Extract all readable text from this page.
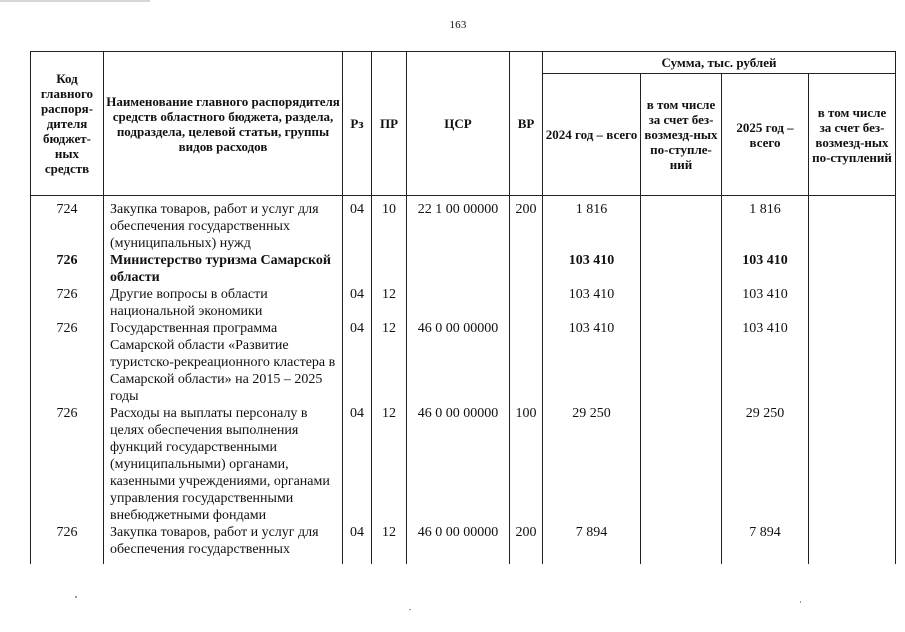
163
Код главного распоря-дителя бюджет-ных средств	Наименование главного распорядителя средств областного бюджета, раздела, подраздела, целевой статьи, группы видов расходов	Рз	ПР	ЦСР	ВР	Сумма, тыс. рублей			
						2024 год – всего	в том числе за счет без-возмезд-ных по-ступле-ний	2025 год – всего	в том числе за счет без-возмезд-ных по-ступлений
724	Закупка товаров, работ и услуг для обеспечения государственных (муниципальных) нужд	04	10	22 1 00 00000	200	1 816		1 816	
726	Министерство туризма Самарской области					103 410		103 410	
726	Другие вопросы в области национальной экономики	04	12			103 410		103 410	
726	Государственная программа Самарской области «Развитие туристско-рекреационного кластера в Самарской области» на 2015 – 2025 годы	04	12	46 0 00 00000		103 410		103 410	
726	Расходы на выплаты персоналу в целях обеспечения выполнения функций государственными (муниципальными) органами, казенными учреждениями, органами управления государственными внебюджетными фондами	04	12	46 0 00 00000	100	29 250		29 250	
726	Закупка товаров, работ и услуг для обеспечения государственных	04	12	46 0 00 00000	200	7 894		7 894	
